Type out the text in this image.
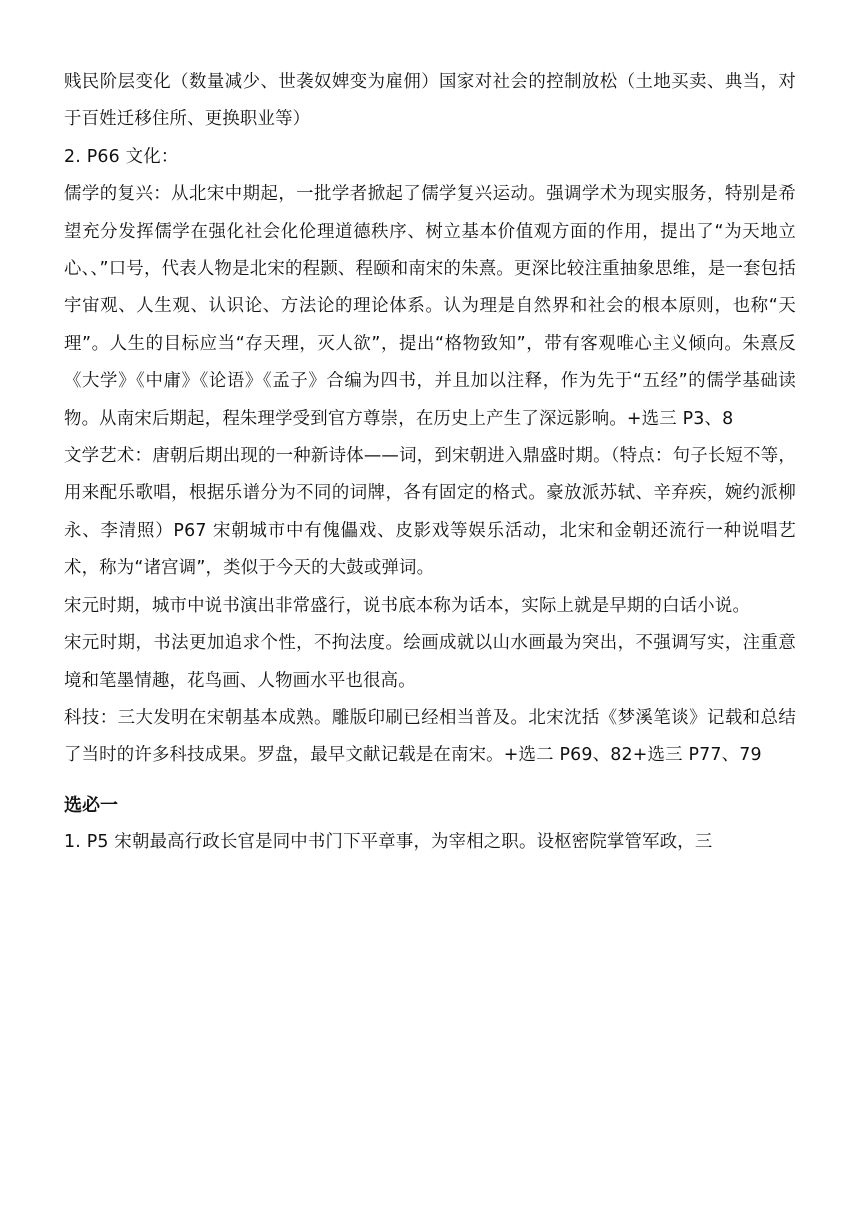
贱民阶层变化（数量减少、世袭奴婢变为雇佣）国家对社会的控制放松（土地买卖、典当，对于百姓迁移住所、更换职业等）

2. P66 文化：

儒学的复兴：从北宋中期起，一批学者掀起了儒学复兴运动。强调学术为现实服务，特别是希望充分发挥儒学在强化社会化伦理道德秩序、树立基本价值观方面的作用，提出了“为天地立心、、”口号，代表人物是北宋的程颢、程颐和南宋的朱熹。更深比较注重抽象思维，是一套包括宇宙观、人生观、认识论、方法论的理论体系。认为理是自然界和社会的根本原则，也称“天理”。人生的目标应当“存天理，灭人欲”，提出“格物致知”，带有客观唯心主义倾向。朱熹反《大学》《中庸》《论语》《孟子》合编为四书，并且加以注释，作为先于“五经”的儒学基础读物。从南宋后期起，程朱理学受到官方尊崇，在历史上产生了深远影响。+选三 P3、8

文学艺术：唐朝后期出现的一种新诗体——词，到宋朝进入鼎盛时期。（特点：句子长短不等，用来配乐歌唱，根据乐谱分为不同的词牌，各有固定的格式。豪放派苏轼、辛弃疾，婉约派柳永、李清照）P67 宋朝城市中有傀儡戏、皮影戏等娱乐活动，北宋和金朝还流行一种说唱艺术，称为“诸宫调”，类似于今天的大鼓或弹词。

宋元时期，城市中说书演出非常盛行，说书底本称为话本，实际上就是早期的白话小说。

宋元时期，书法更加追求个性，不拘法度。绘画成就以山水画最为突出，不强调写实，注重意境和笔墨情趣，花鸟画、人物画水平也很高。

科技：三大发明在宋朝基本成熟。雕版印刷已经相当普及。北宋沈括《梦溪笔谈》记载和总结了当时的许多科技成果。罗盘，最早文献记载是在南宋。+选二 P69、82+选三 P77、79

选必一

1. P5 宋朝最高行政长官是同中书门下平章事，为宰相之职。设枢密院掌管军政，三
